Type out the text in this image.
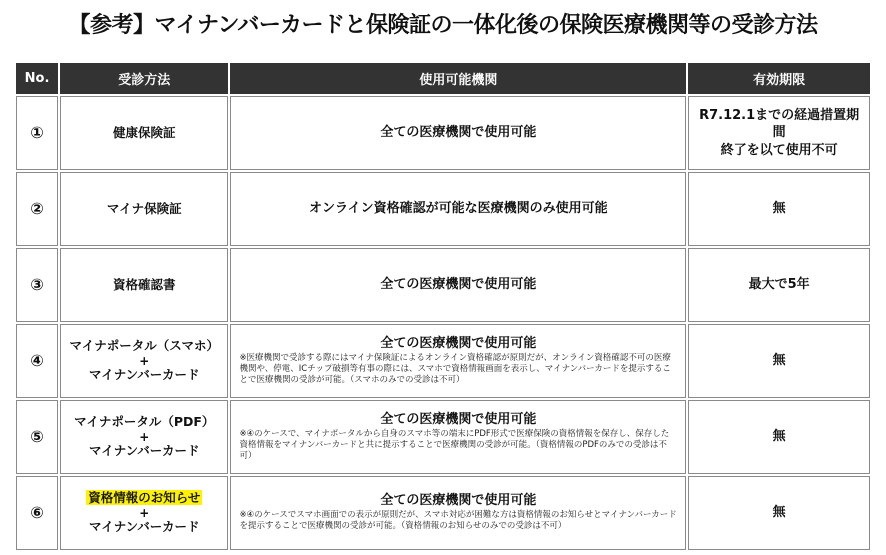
【参考】マイナンバーカードと保険証の一体化後の保険医療機関等の受診方法
No.	受診方法	使用可能機関	有効期限
①	健康保険証	全ての医療機関で使用可能	R7.12.1までの経過措置期間
終了を以て使用不可

②	マイナ保険証	オンライン資格確認が可能な医療機関のみ使用可能	無

③	資格確認書	全ての医療機関で使用可能	最大で5年

④	マイナポータル（スマホ）
+
マイナンバーカード	全ての医療機関で使用可能
※医療機関で受診する際にはマイナ保険証によるオンライン資格確認が原則だが、オンライン資格確認不可の医療機関や、停電、ICチップ破損等有事の際には、スマホで資格情報画面を表示し、マイナンバーカードを提示することで医療機関の受診が可能。（スマホのみでの受診は不可）	無

⑤	マイナポータル（PDF）
+
マイナンバーカード	全ての医療機関で使用可能
※④のケースで、マイナポータルから自身のスマホ等の端末にPDF形式で医療保険の資格情報を保存し、保存した資格情報をマイナンバーカードと共に提示することで医療機関の受診が可能。（資格情報のPDFのみでの受診は不可）	無

⑥	資格情報のお知らせ
+
マイナンバーカード	全ての医療機関で使用可能
※④のケースでスマホ画面での表示が原則だが、スマホ対応が困難な方は資格情報のお知らせとマイナンバーカードを提示することで医療機関の受診が可能。（資格情報のお知らせのみでの受診は不可）	無
